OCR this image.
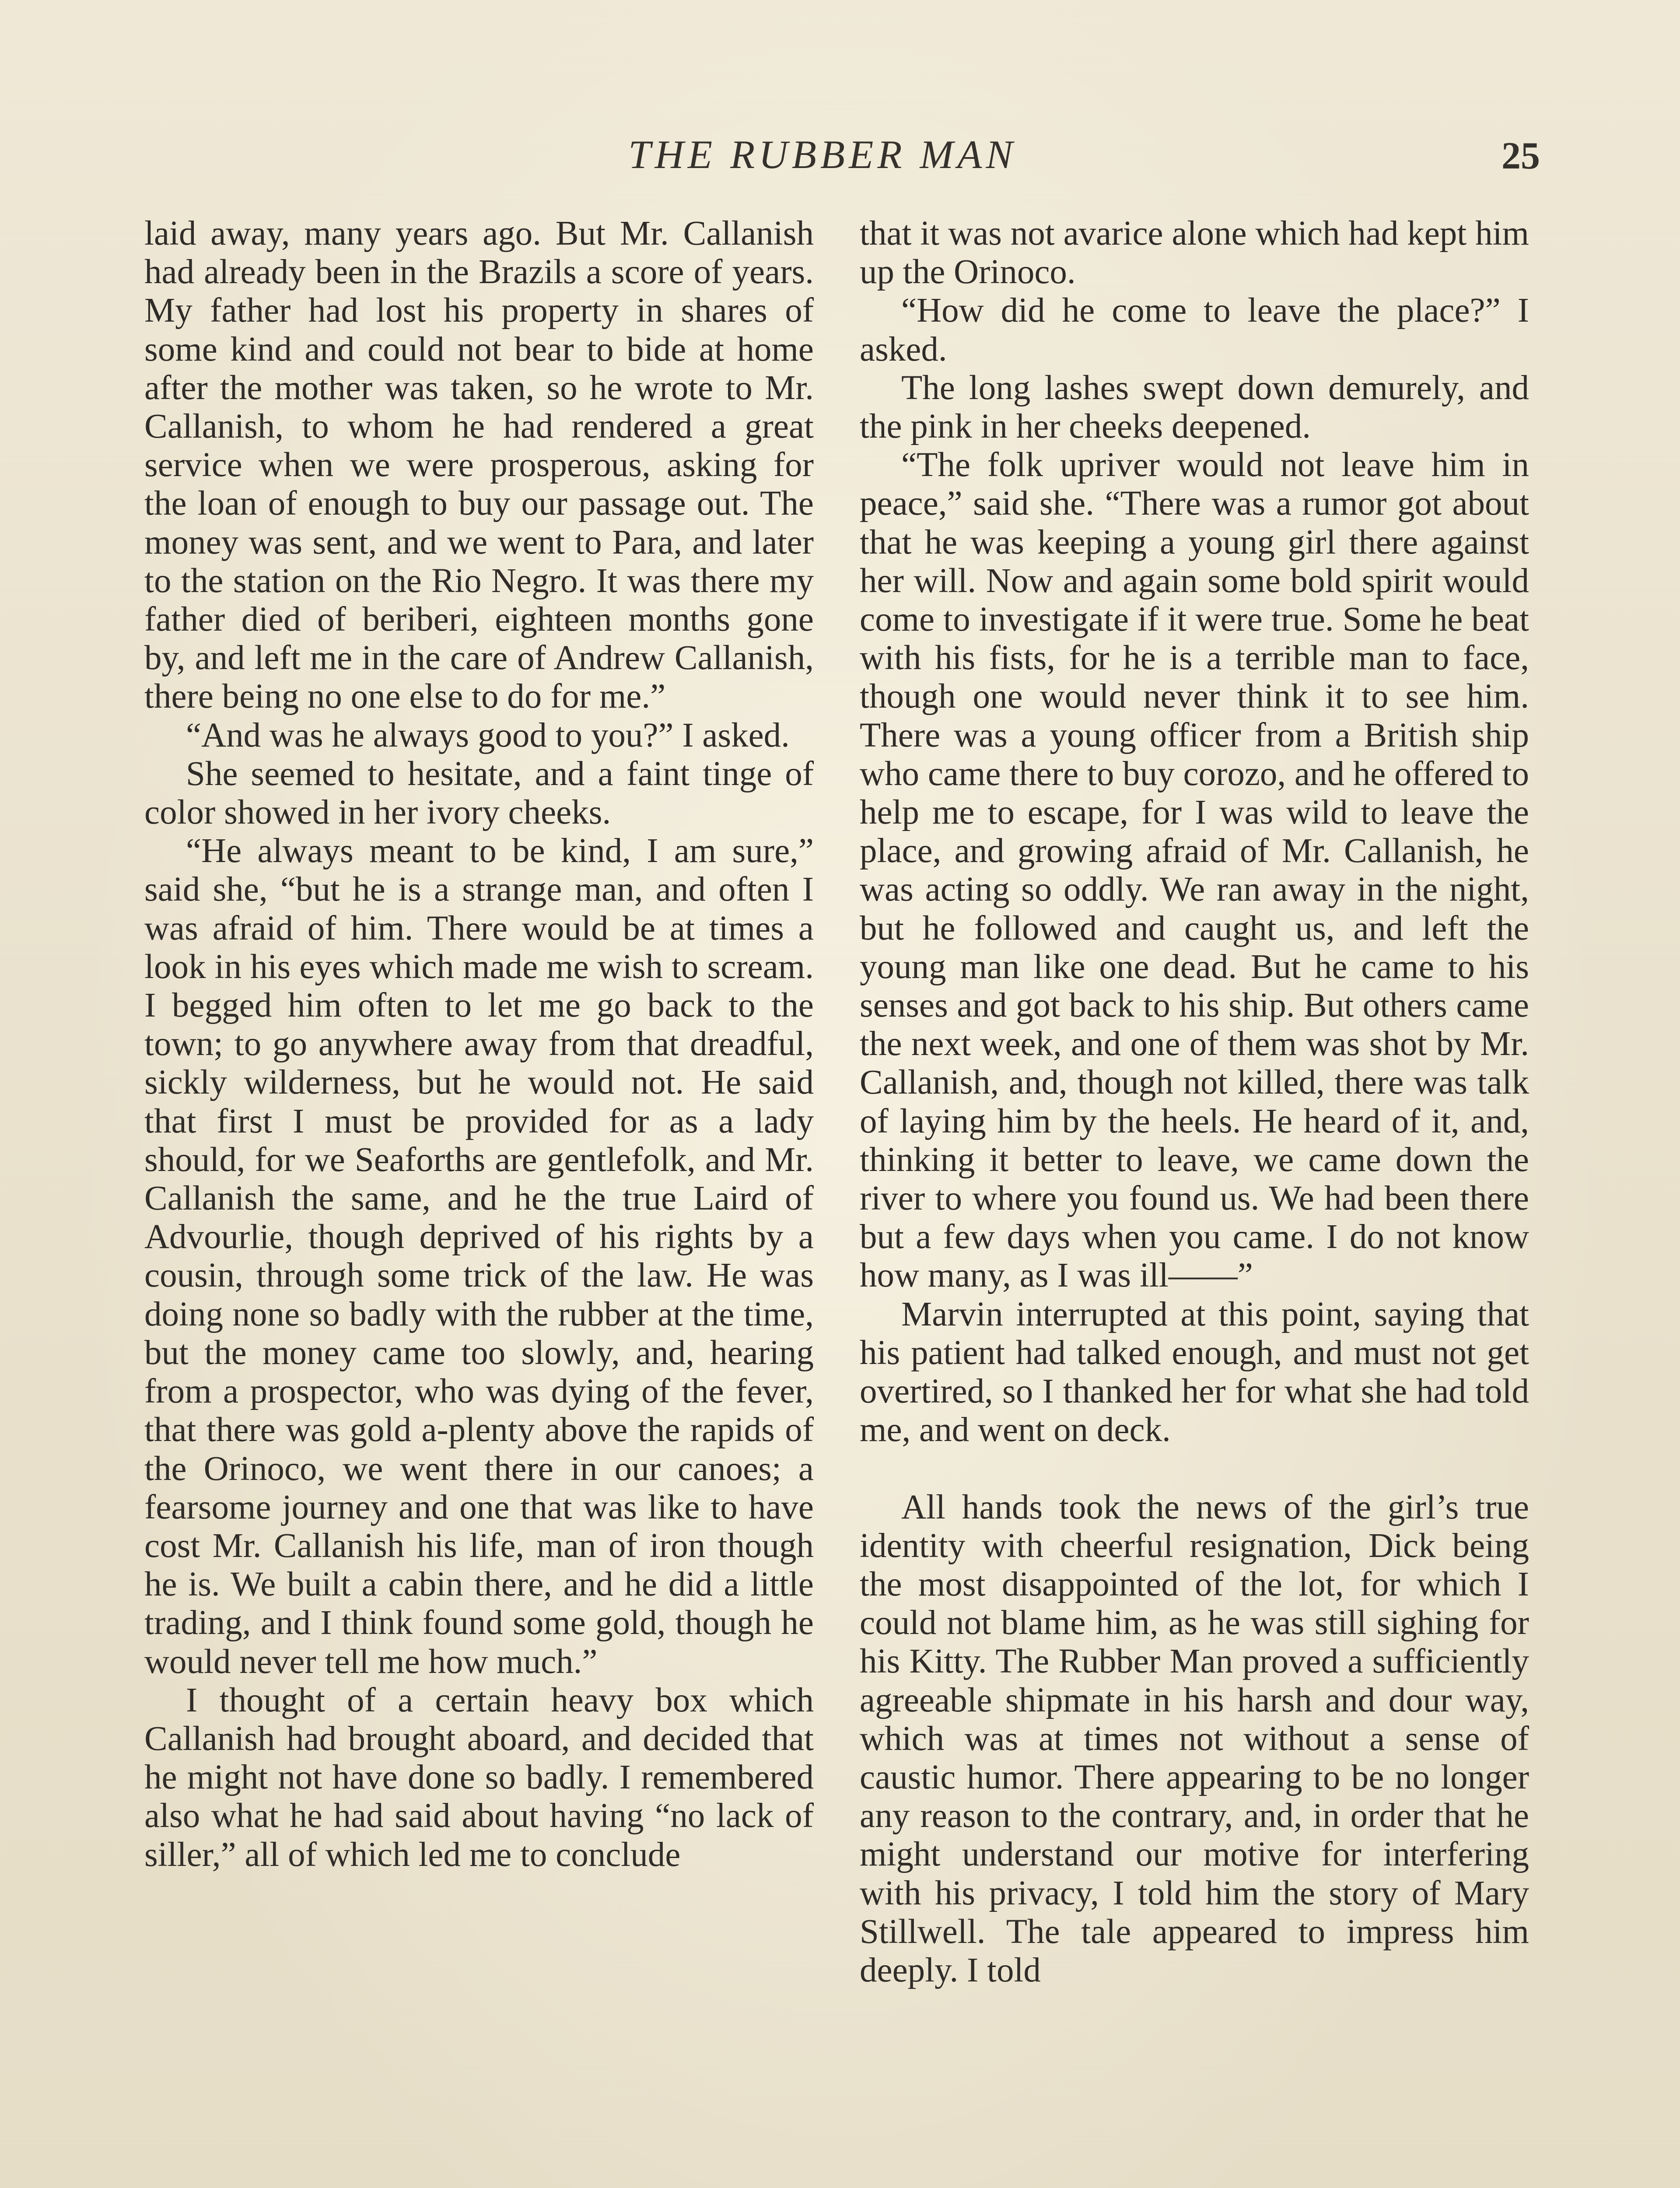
THE RUBBER MAN	25

laid away, many years ago. But Mr. Callanish had already been in the Brazils a score of years. My father had lost his property in shares of some kind and could not bear to bide at home after the mother was taken, so he wrote to Mr. Callanish, to whom he had rendered a great service when we were prosperous, asking for the loan of enough to buy our passage out. The money was sent, and we went to Para, and later to the station on the Rio Negro. It was there my father died of beriberi, eighteen months gone by, and left me in the care of Andrew Callanish, there being no one else to do for me.”

“And was he always good to you?” I asked.

She seemed to hesitate, and a faint tinge of color showed in her ivory cheeks.

“He always meant to be kind, I am sure,” said she, “but he is a strange man, and often I was afraid of him. There would be at times a look in his eyes which made me wish to scream. I begged him often to let me go back to the town; to go anywhere away from that dreadful, sickly wilderness, but he would not. He said that first I must be provided for as a lady should, for we Seaforths are gentlefolk, and Mr. Callanish the same, and he the true Laird of Advourlie, though deprived of his rights by a cousin, through some trick of the law. He was doing none so badly with the rubber at the time, but the money came too slowly, and, hearing from a prospector, who was dying of the fever, that there was gold a-plenty above the rapids of the Orinoco, we went there in our canoes; a fearsome journey and one that was like to have cost Mr. Callanish his life, man of iron though he is. We built a cabin there, and he did a little trading, and I think found some gold, though he would never tell me how much.”

I thought of a certain heavy box which Callanish had brought aboard, and decided that he might not have done so badly. I remembered also what he had said about having “no lack of siller,” all of which led me to conclude

that it was not avarice alone which had kept him up the Orinoco.

“How did he come to leave the place?” I asked.

The long lashes swept down demurely, and the pink in her cheeks deepened.

“The folk upriver would not leave him in peace,” said she. “There was a rumor got about that he was keeping a young girl there against her will. Now and again some bold spirit would come to investigate if it were true. Some he beat with his fists, for he is a terrible man to face, though one would never think it to see him. There was a young officer from a British ship who came there to buy corozo, and he offered to help me to escape, for I was wild to leave the place, and growing afraid of Mr. Callanish, he was acting so oddly. We ran away in the night, but he followed and caught us, and left the young man like one dead. But he came to his senses and got back to his ship. But others came the next week, and one of them was shot by Mr. Callanish, and, though not killed, there was talk of laying him by the heels. He heard of it, and, thinking it better to leave, we came down the river to where you found us. We had been there but a few days when you came. I do not know how many, as I was ill——”

Marvin interrupted at this point, saying that his patient had talked enough, and must not get overtired, so I thanked her for what she had told me, and went on deck.

All hands took the news of the girl’s true identity with cheerful resignation, Dick being the most disappointed of the lot, for which I could not blame him, as he was still sighing for his Kitty. The Rubber Man proved a sufficiently agreeable shipmate in his harsh and dour way, which was at times not without a sense of caustic humor. There appearing to be no longer any reason to the contrary, and, in order that he might understand our motive for interfering with his privacy, I told him the story of Mary Stillwell. The tale appeared to impress him deeply. I told
